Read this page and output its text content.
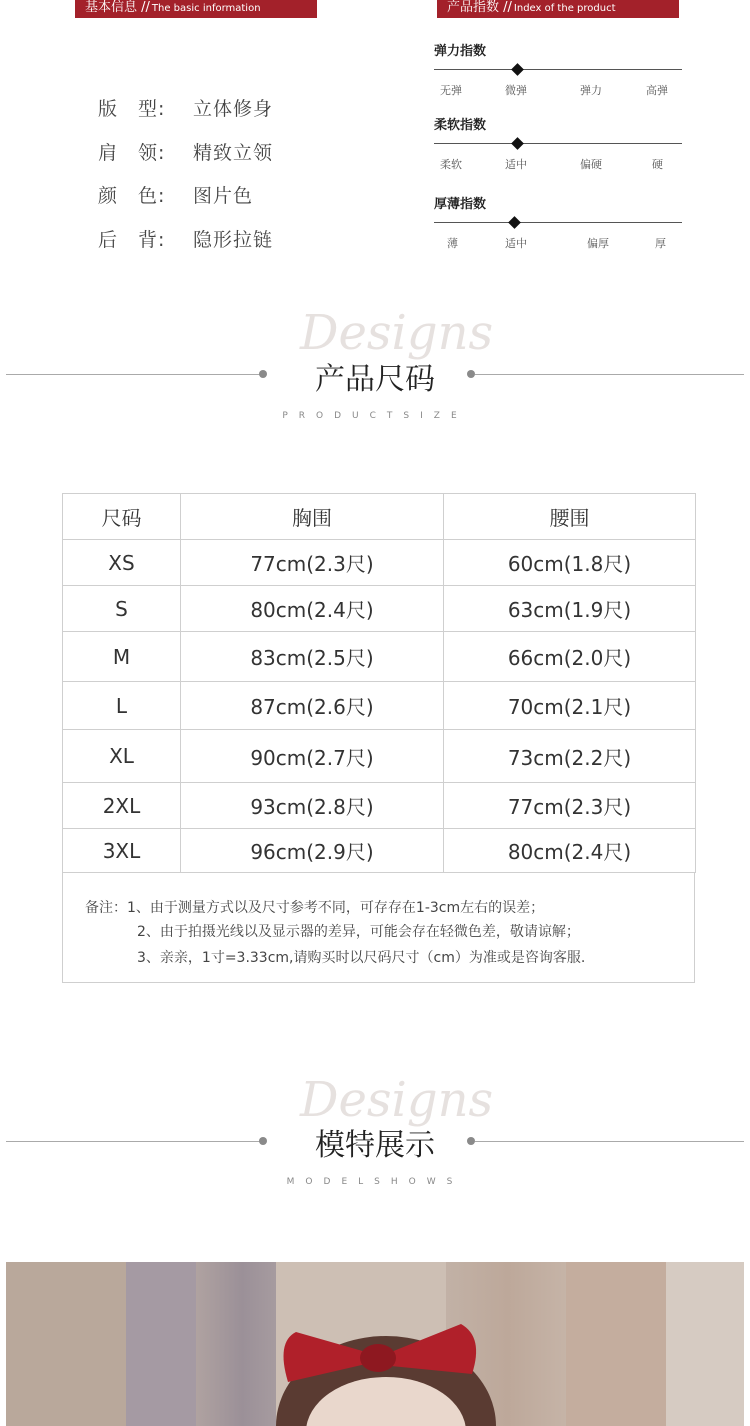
基本信息 // The basic information	产品指数 // Index of the product
版　型: 立体修身
肩　领: 精致立领
颜　色: 图片色
后　背: 隐形拉链
弹力指数
无弹	微弹	弹力	高弹
柔软指数
柔软	适中	偏硬	硬
厚薄指数
薄	适中	偏厚	厚
Designs
产品尺码
PRODUCTSIZE
尺码	胸围	腰围
XS	77cm(2.3尺)	60cm(1.8尺)
S	80cm(2.4尺)	63cm(1.9尺)
M	83cm(2.5尺)	66cm(2.0尺)
L	87cm(2.6尺)	70cm(2.1尺)
XL	90cm(2.7尺)	73cm(2.2尺)
2XL	93cm(2.8尺)	77cm(2.3尺)
3XL	96cm(2.9尺)	80cm(2.4尺)
备注：1、由于测量方式以及尺寸参考不同，可存存在1-3cm左右的误差；
2、由于拍摄光线以及显示器的差异，可能会存在轻微色差，敬请谅解；
3、亲亲，1寸=3.33cm,请购买时以尺码尺寸（cm）为准或是咨询客服.
Designs
模特展示
MODELSHOWS
